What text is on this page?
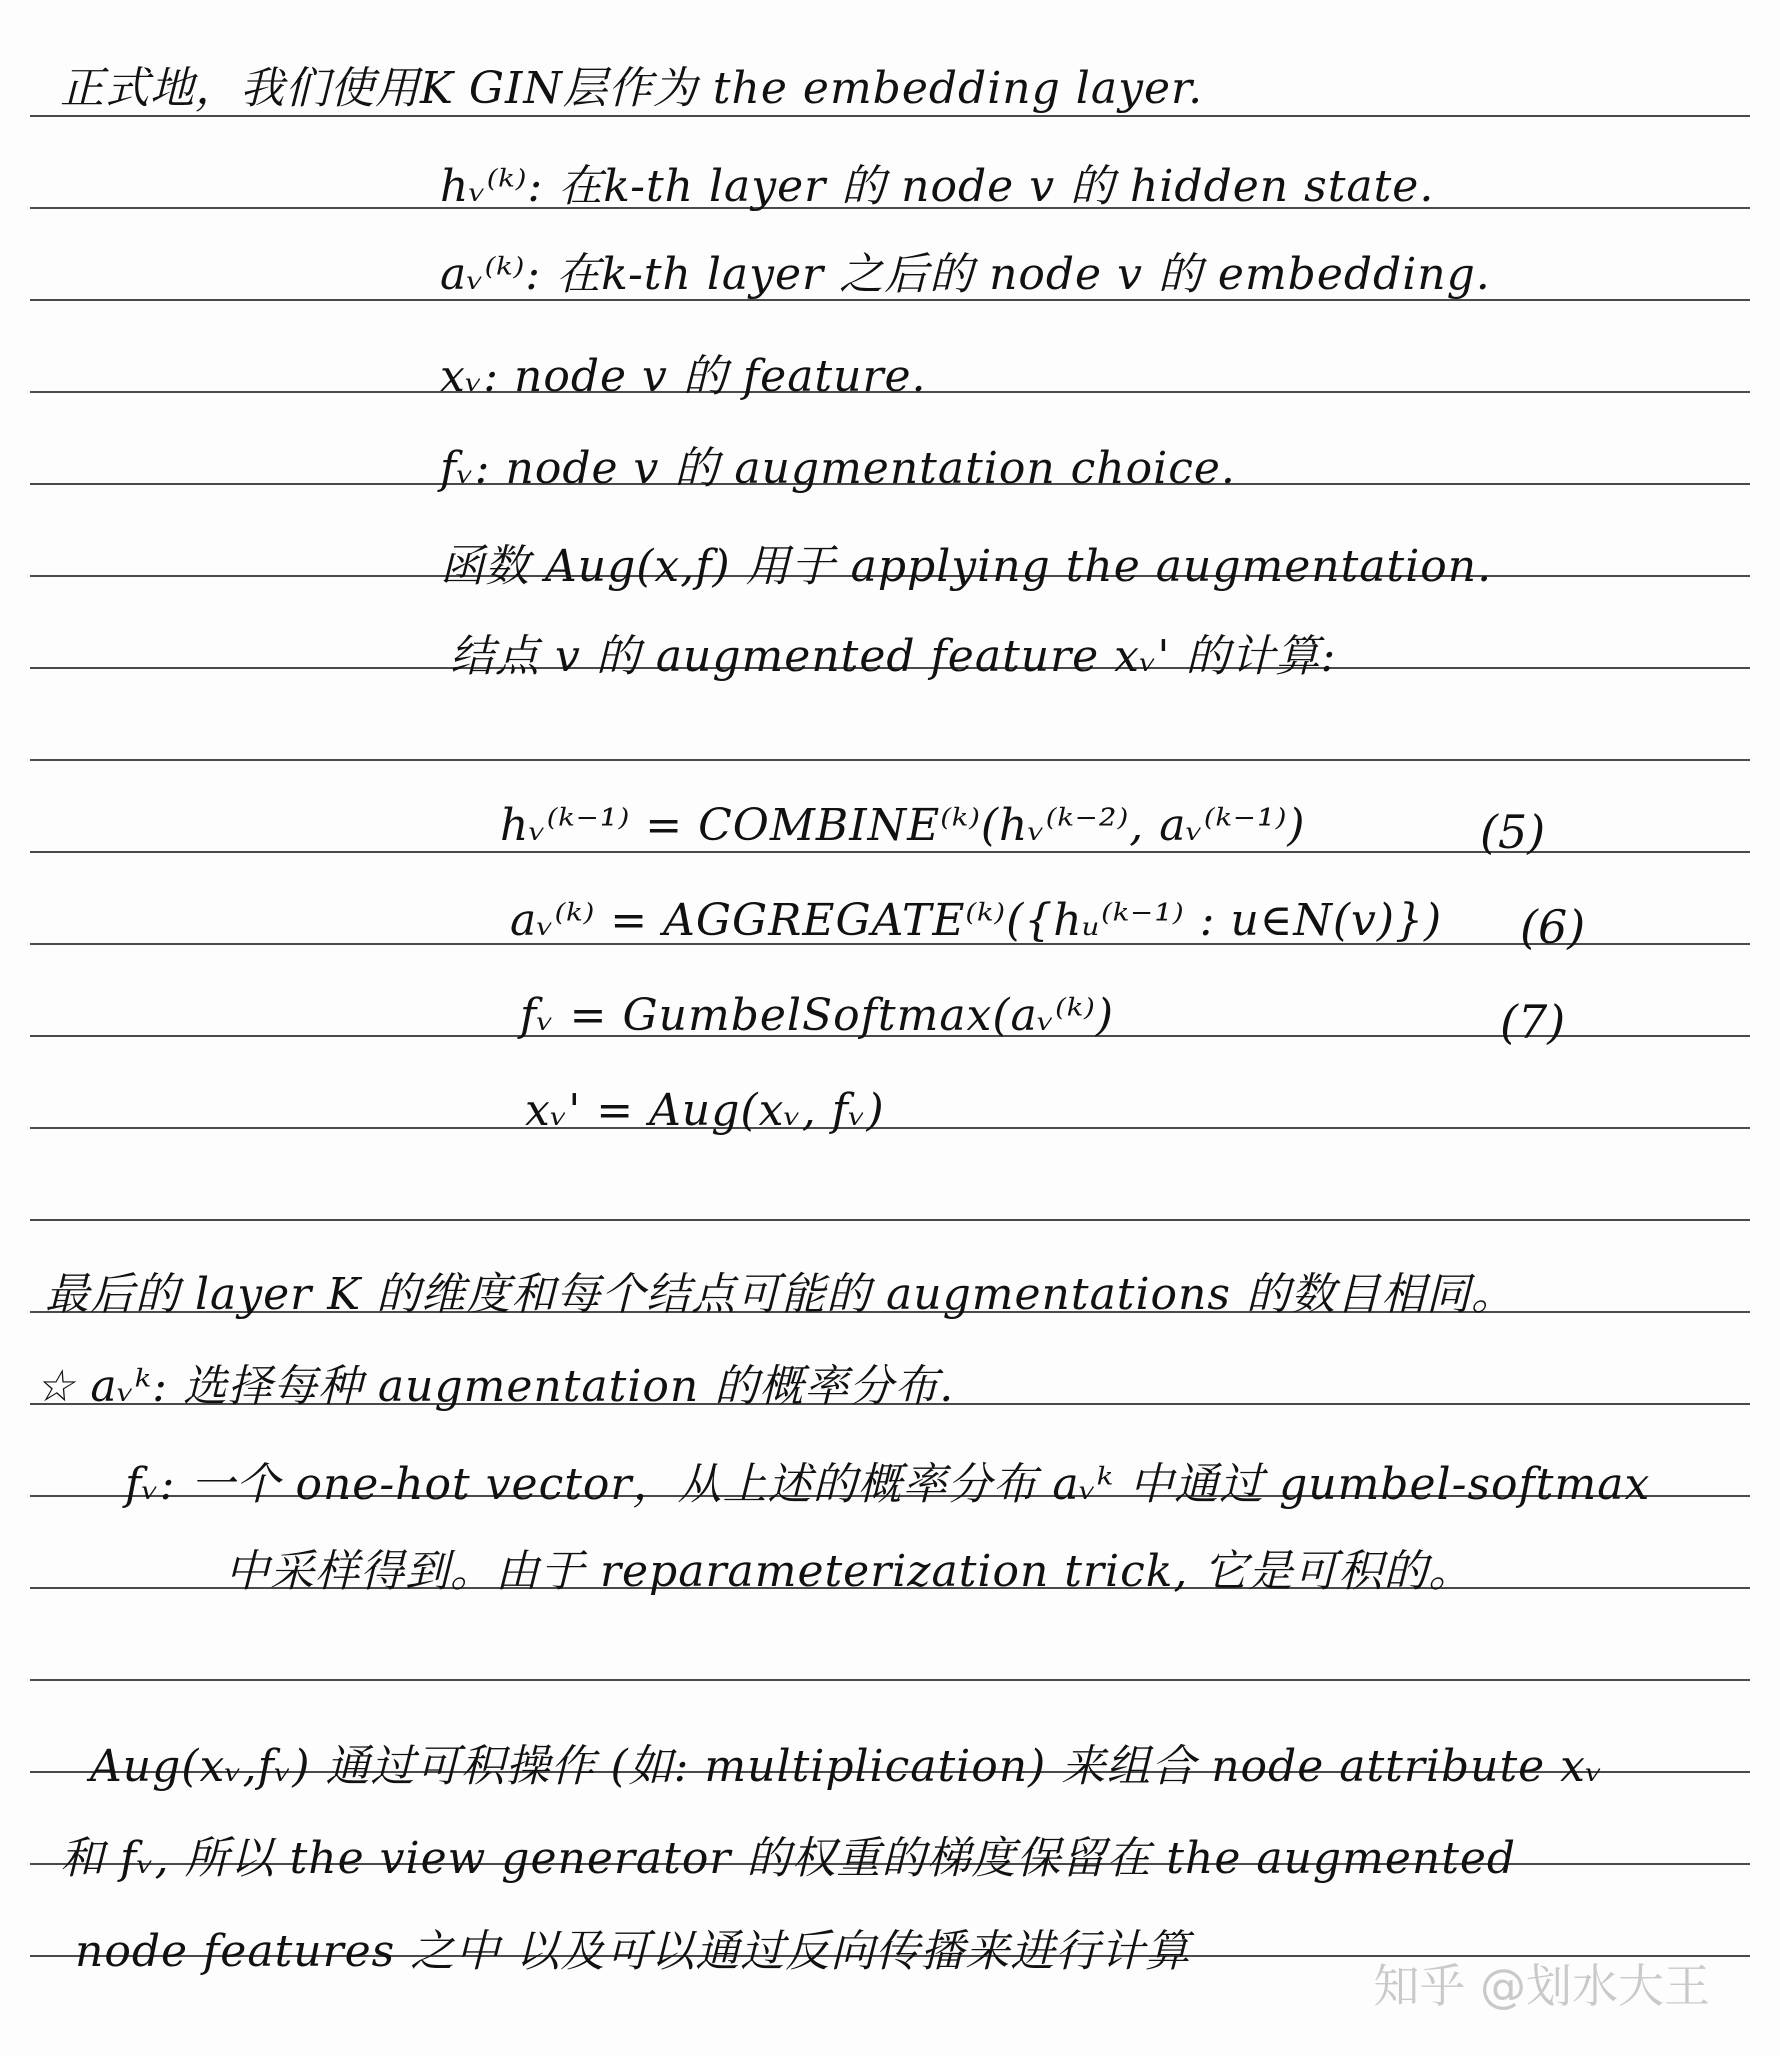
正式地，我们使用K GIN层作为 the embedding layer.
hᵥ⁽ᵏ⁾: 在k-th layer 的 node v 的 hidden state.
aᵥ⁽ᵏ⁾: 在k-th layer 之后的 node v 的 embedding.
xᵥ: node v 的 feature.
fᵥ: node v 的 augmentation choice.
函数 Aug(x,f) 用于 applying the augmentation.
结点 v 的 augmented feature xᵥ' 的计算:
hᵥ⁽ᵏ⁻¹⁾ = COMBINE⁽ᵏ⁾(hᵥ⁽ᵏ⁻²⁾, aᵥ⁽ᵏ⁻¹⁾)	(5)
aᵥ⁽ᵏ⁾ = AGGREGATE⁽ᵏ⁾({hᵤ⁽ᵏ⁻¹⁾ : u∈N(v)}) (6)
fᵥ = GumbelSoftmax(aᵥ⁽ᵏ⁾)	(7)
xᵥ' = Aug(xᵥ, fᵥ)
最后的 layer K 的维度和每个结点可能的 augmentations 的数目相同。
☆ aᵥᵏ: 选择每种 augmentation 的概率分布.
fᵥ: 一个 one-hot vector，从上述的概率分布 aᵥᵏ 中通过 gumbel-softmax
中采样得到。由于 reparameterization trick, 它是可积的。
Aug(xᵥ,fᵥ) 通过可积操作 (如: multiplication) 来组合 node attribute xᵥ
和 fᵥ, 所以 the view generator 的权重的梯度保留在 the augmented
node features 之中 以及可以通过反向传播来进行计算
知乎 @划水大王
